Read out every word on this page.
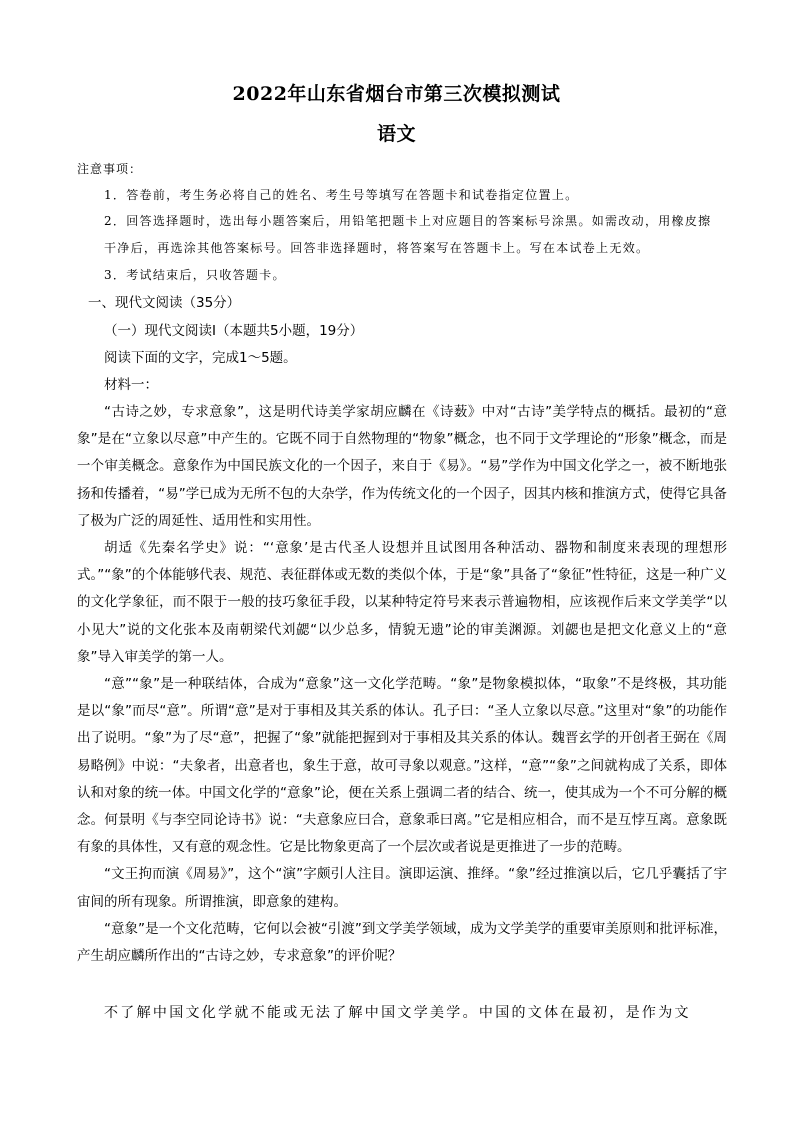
2022年山东省烟台市第三次模拟测试
语文
注意事项：
1．答卷前，考生务必将自己的姓名、考生号等填写在答题卡和试卷指定位置上。
2．回答选择题时，选出每小题答案后，用铅笔把题卡上对应题目的答案标号涂黑。如需改动，用橡皮擦干净后，再选涂其他答案标号。回答非选择题时，将答案写在答题卡上。写在本试卷上无效。
3．考试结束后，只收答题卡。
一、现代文阅读（35分）
（一）现代文阅读Ⅰ（本题共5小题，19分）
阅读下面的文字，完成1～5题。
材料一：

“古诗之妙，专求意象”，这是明代诗美学家胡应麟在《诗薮》中对“古诗”美学特点的概括。最初的“意象”是在“立象以尽意”中产生的。它既不同于自然物理的“物象”概念，也不同于文学理论的“形象”概念，而是一个审美概念。意象作为中国民族文化的一个因子，来自于《易》。“易”学作为中国文化学之一，被不断地张扬和传播着，“易”学已成为无所不包的大杂学，作为传统文化的一个因子，因其内核和推演方式，使得它具备了极为广泛的周延性、适用性和实用性。

胡适《先秦名学史》说：“‘意象’是古代圣人设想并且试图用各种活动、器物和制度来表现的理想形式。”“象”的个体能够代表、规范、表征群体或无数的类似个体，于是“象”具备了“象征”性特征，这是一种广义的文化学象征，而不限于一般的技巧象征手段，以某种特定符号来表示普遍物相，应该视作后来文学美学“以小见大”说的文化张本及南朝梁代刘勰“以少总多，情貌无遗”论的审美渊源。刘勰也是把文化意义上的“意象”导入审美学的第一人。

“意”“象”是一种联结体，合成为“意象”这一文化学范畴。“象”是物象模拟体，“取象”不是终极，其功能是以“象”而尽“意”。所谓“意”是对于事相及其关系的体认。孔子曰：“圣人立象以尽意。”这里对“象”的功能作出了说明。“象”为了尽“意”，把握了“象”就能把握到对于事相及其关系的体认。魏晋玄学的开创者王弼在《周易略例》中说：“夫象者，出意者也，象生于意，故可寻象以观意。”这样，“意”“象”之间就构成了关系，即体认和对象的统一体。中国文化学的“意象”论，便在关系上强调二者的结合、统一，使其成为一个不可分解的概念。何景明《与李空同论诗书》说：“夫意象应曰合，意象乖曰离。”它是相应相合，而不是互悖互离。意象既有象的具体性，又有意的观念性。它是比物象更高了一个层次或者说是更推进了一步的范畴。

“文王拘而演《周易》”，这个“演”字颇引人注目。演即运演、推绎。“象”经过推演以后，它几乎囊括了宇宙间的所有现象。所谓推演，即意象的建构。

“意象”是一个文化范畴，它何以会被“引渡”到文学美学领域，成为文学美学的重要审美原则和批评标准，产生胡应麟所作出的“古诗之妙，专求意象”的评价呢？

不了解中国文化学就不能或无法了解中国文学美学。中国的文体在最初，是作为文
